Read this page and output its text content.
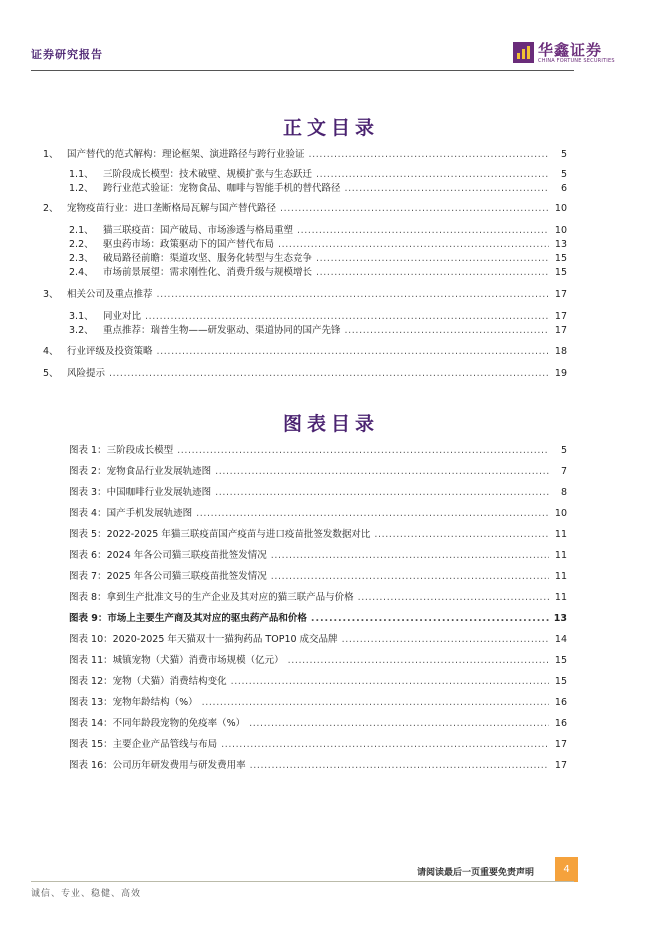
证券研究报告	华鑫证券
CHINA FORTUNE SECURITIES
正文目录
1、 国产替代的范式解构：理论框架、演进路径与跨行业验证 . . .	5
1.1、 三阶段成长模型：技术破壁、规模扩张与生态跃迁 . . .	5
1.2、 跨行业范式验证：宠物食品、咖啡与智能手机的替代路径 . . .	6
2、 宠物疫苗行业：进口垄断格局瓦解与国产替代路径 . . .	10
2.1、 猫三联疫苗：国产破局、市场渗透与格局重塑 . . .	10
2.2、 驱虫药市场：政策驱动下的国产替代布局 . . .	13
2.3、 破局路径前瞻：渠道攻坚、服务化转型与生态竞争 . . .	15
2.4、 市场前景展望：需求刚性化、消费升级与规模增长 . . .	15
3、 相关公司及重点推荐 . . .	17
3.1、 同业对比 . . .	17
3.2、 重点推荐：瑞普生物——研发驱动、渠道协同的国产先锋 . . .	17
4、 行业评级及投资策略 . . .	18
5、 风险提示 . . .	19
图表目录
图表 1：三阶段成长模型 . . .	5
图表 2：宠物食品行业发展轨迹图 . . .	7
图表 3：中国咖啡行业发展轨迹图 . . .	8
图表 4：国产手机发展轨迹图 . . .	10
图表 5：2022-2025 年猫三联疫苗国产疫苗与进口疫苗批签发数据对比 . . .	11
图表 6：2024 年各公司猫三联疫苗批签发情况 . . .	11
图表 7：2025 年各公司猫三联疫苗批签发情况 . . .	11
图表 8：拿到生产批准文号的生产企业及其对应的猫三联产品与价格 . . .	11
图表 9：市场上主要生产商及其对应的驱虫药产品和价格 . . .	13
图表 10：2020-2025 年天猫双十一猫狗药品 TOP10 成交品牌 . . .	14
图表 11：城镇宠物（犬猫）消费市场规模（亿元） . . .	15
图表 12：宠物（犬猫）消费结构变化 . . .	15
图表 13：宠物年龄结构（%） . . .	16
图表 14：不同年龄段宠物的免疫率（%） . . .	16
图表 15：主要企业产品管线与布局 . . .	17
图表 16：公司历年研发费用与研发费用率 . . .	17
请阅读最后一页重要免责声明	4
诚信、专业、稳健、高效
